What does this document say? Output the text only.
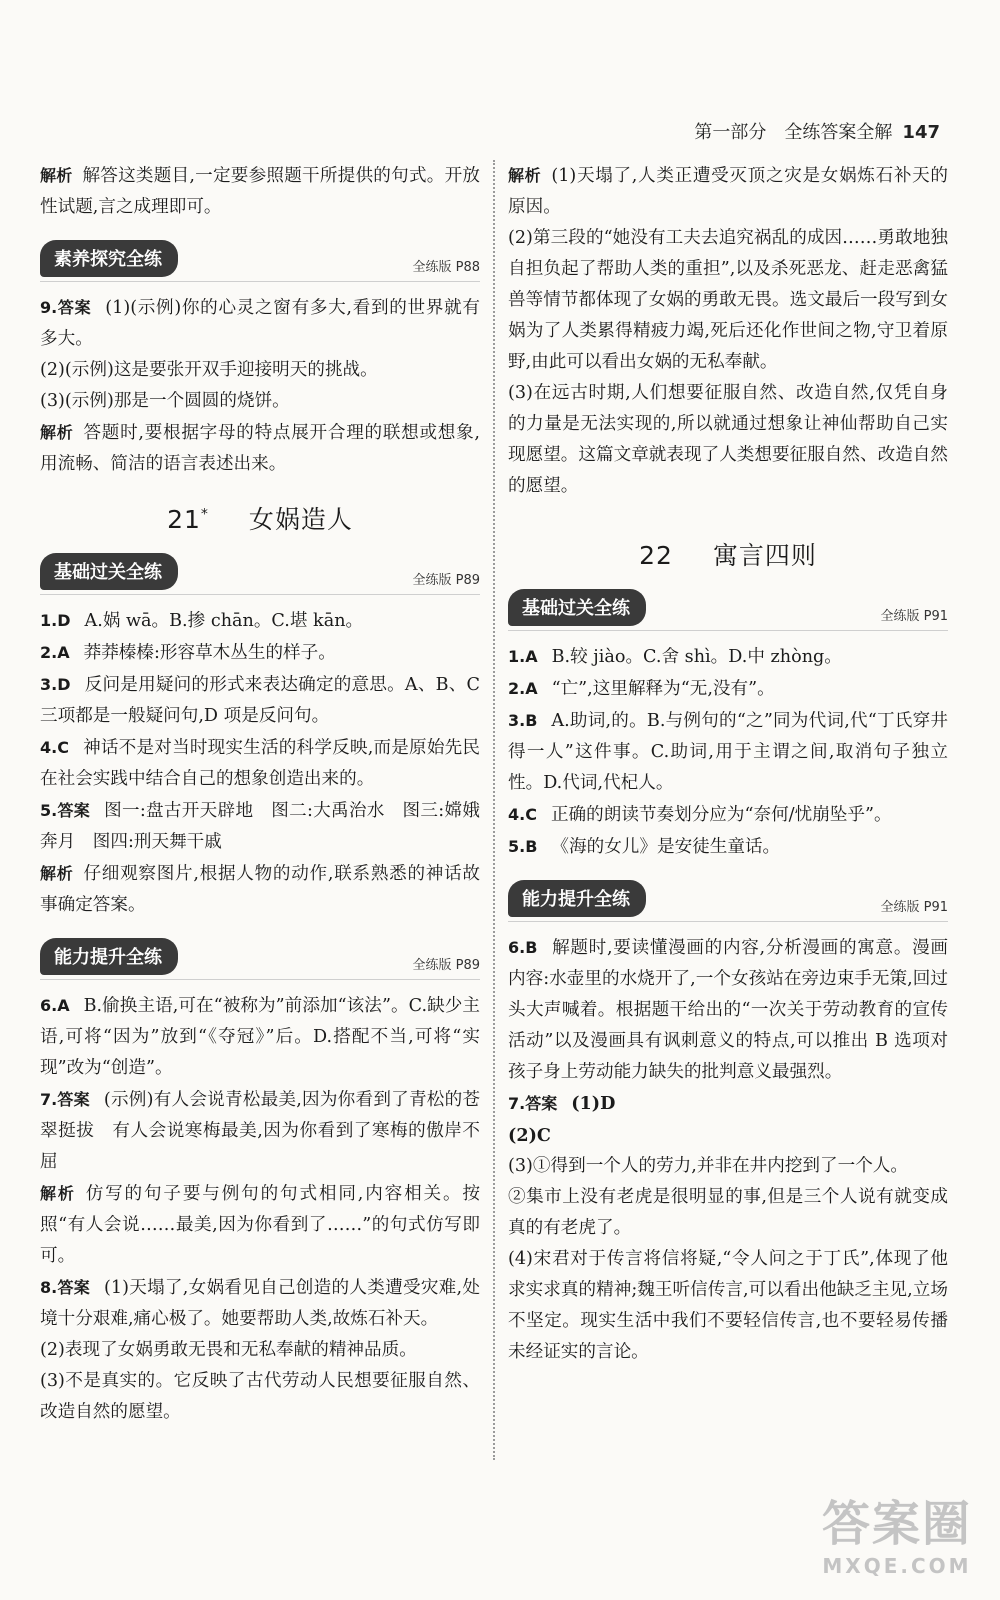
第一部分　全练答案全解 147

解析 解答这类题目,一定要参照题干所提供的句式。开放性试题,言之成理即可。

素养探究全练	全练版 P88

9.答案 (1)(示例)你的心灵之窗有多大,看到的世界就有多大。

(2)(示例)这是要张开双手迎接明天的挑战。

(3)(示例)那是一个圆圆的烧饼。

解析 答题时,要根据字母的特点展开合理的联想或想象,用流畅、简洁的语言表述出来。

21* 女娲造人
基础过关全练	全练版 P89

1.D A.娲 wā。B.掺 chān。C.堪 kān。

2.A 莽莽榛榛:形容草木丛生的样子。

3.D 反问是用疑问的形式来表达确定的意思。A、B、C 三项都是一般疑问句,D 项是反问句。

4.C 神话不是对当时现实生活的科学反映,而是原始先民在社会实践中结合自己的想象创造出来的。

5.答案 图一:盘古开天辟地　图二:大禹治水　图三:嫦娥奔月　图四:刑天舞干戚

解析 仔细观察图片,根据人物的动作,联系熟悉的神话故事确定答案。

能力提升全练	全练版 P89

6.A B.偷换主语,可在“被称为”前添加“该法”。C.缺少主语,可将“因为”放到“《夺冠》”后。D.搭配不当,可将“实现”改为“创造”。

7.答案 (示例)有人会说青松最美,因为你看到了青松的苍翠挺拔　有人会说寒梅最美,因为你看到了寒梅的傲岸不屈

解析 仿写的句子要与例句的句式相同,内容相关。按照“有人会说……最美,因为你看到了……”的句式仿写即可。

8.答案 (1)天塌了,女娲看见自己创造的人类遭受灾难,处境十分艰难,痛心极了。她要帮助人类,故炼石补天。

(2)表现了女娲勇敢无畏和无私奉献的精神品质。

(3)不是真实的。它反映了古代劳动人民想要征服自然、改造自然的愿望。

解析 (1)天塌了,人类正遭受灭顶之灾是女娲炼石补天的原因。

(2)第三段的“她没有工夫去追究祸乱的成因……勇敢地独自担负起了帮助人类的重担”,以及杀死恶龙、赶走恶禽猛兽等情节都体现了女娲的勇敢无畏。选文最后一段写到女娲为了人类累得精疲力竭,死后还化作世间之物,守卫着原野,由此可以看出女娲的无私奉献。

(3)在远古时期,人们想要征服自然、改造自然,仅凭自身的力量是无法实现的,所以就通过想象让神仙帮助自己实现愿望。这篇文章就表现了人类想要征服自然、改造自然的愿望。

22 寓言四则
基础过关全练	全练版 P91

1.A B.较 jiào。C.舍 shì。D.中 zhòng。

2.A “亡”,这里解释为“无,没有”。

3.B A.助词,的。B.与例句的“之”同为代词,代“丁氏穿井得一人”这件事。C.助词,用于主谓之间,取消句子独立性。D.代词,代杞人。

4.C 正确的朗读节奏划分应为“奈何/忧崩坠乎”。

5.B 《海的女儿》是安徒生童话。

能力提升全练	全练版 P91

6.B 解题时,要读懂漫画的内容,分析漫画的寓意。漫画内容:水壶里的水烧开了,一个女孩站在旁边束手无策,回过头大声喊着。根据题干给出的“一次关于劳动教育的宣传活动”以及漫画具有讽刺意义的特点,可以推出 B 选项对孩子身上劳动能力缺失的批判意义最强烈。

7.答案 (1)D

(2)C

(3)①得到一个人的劳力,并非在井内挖到了一个人。

②集市上没有老虎是很明显的事,但是三个人说有就变成真的有老虎了。

(4)宋君对于传言将信将疑,“令人问之于丁氏”,体现了他求实求真的精神;魏王听信传言,可以看出他缺乏主见,立场不坚定。现实生活中我们不要轻信传言,也不要轻易传播未经证实的言论。

答案圈
MXQE.COM
